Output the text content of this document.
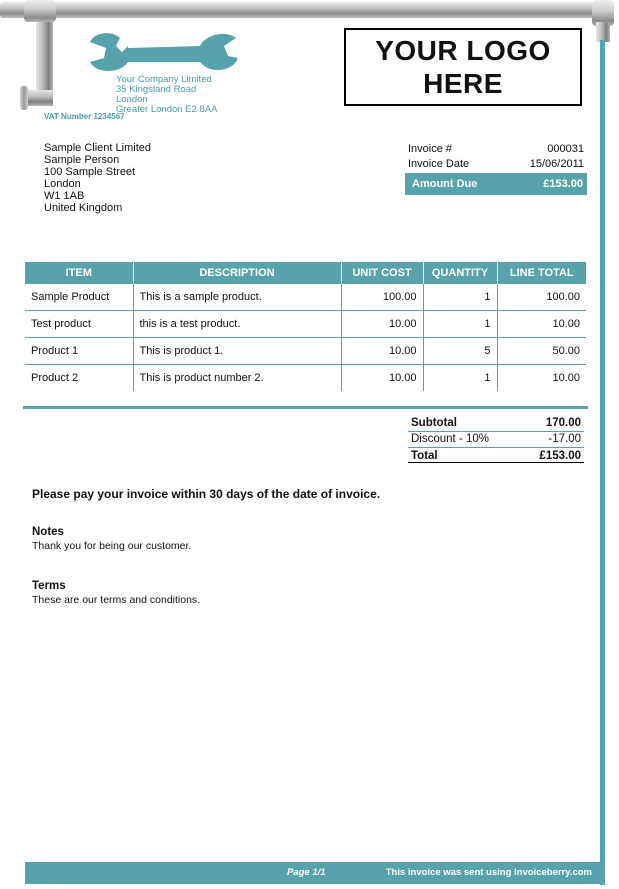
Your Company Limited
35 Kingsland Road
London
Greater London E2 8AA
VAT Number 1234567
YOUR LOGO
HERE
Sample Client Limited
Sample Person
100 Sample Street
London
W1 1AB
United Kingdom
Invoice #	000031
Invoice Date	15/06/2011
Amount Due	£153.00
ITEM	DESCRIPTION	UNIT COST	QUANTITY	LINE TOTAL
Sample Product	This is a sample product.	100.00	1	100.00
Test product	this is a test product.	10.00	1	10.00
Product 1	This is product 1.	10.00	5	50.00
Product 2	This is product number 2.	10.00	1	10.00
Subtotal	170.00
Discount - 10%	-17.00
Total	£153.00
Please pay your invoice within 30 days of the date of invoice.
Notes
Thank you for being our customer.
Terms
These are our terms and conditions.
Page 1/1	This invoice was sent using Invoiceberry.com
